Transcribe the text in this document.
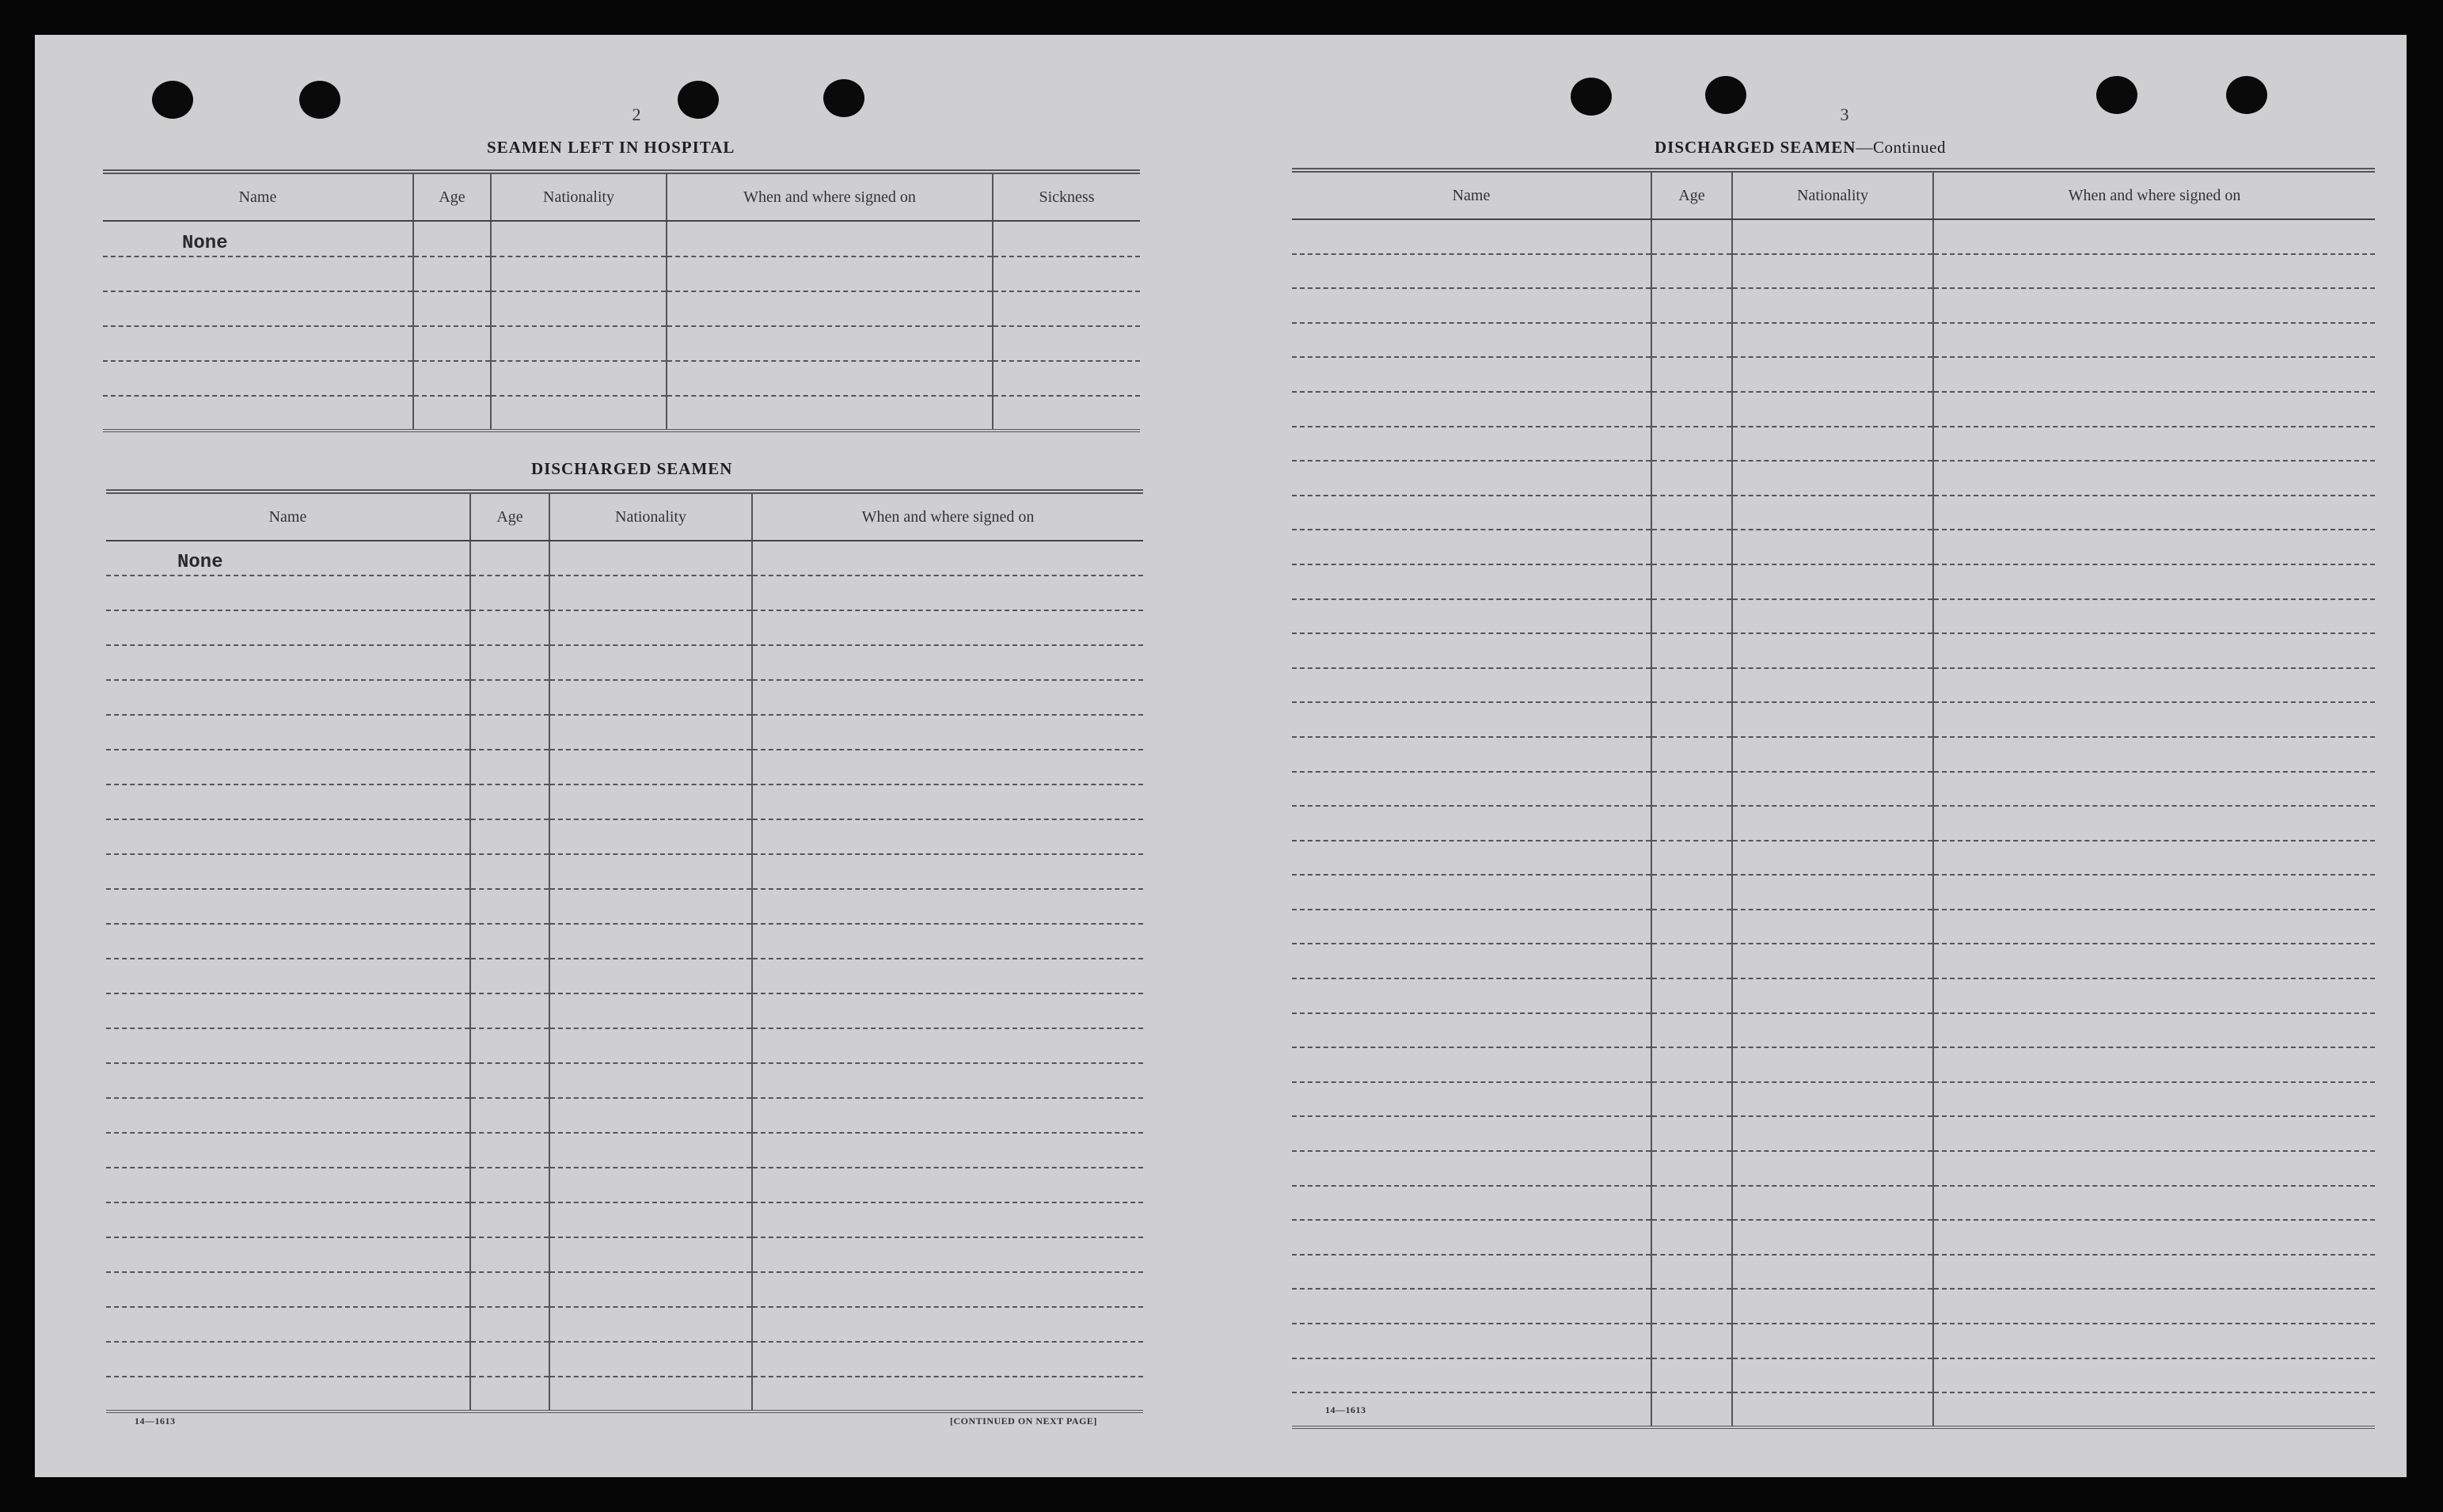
2
SEAMEN LEFT IN HOSPITAL
Name	Age	Nationality	When and where signed on	Sickness
None				

DISCHARGED SEAMEN
Name	Age	Nationality	When and where signed on
None			

14—1613	[CONTINUED ON NEXT PAGE]
3
DISCHARGED SEAMEN—Continued
Name	Age	Nationality	When and where signed on

14—1613
